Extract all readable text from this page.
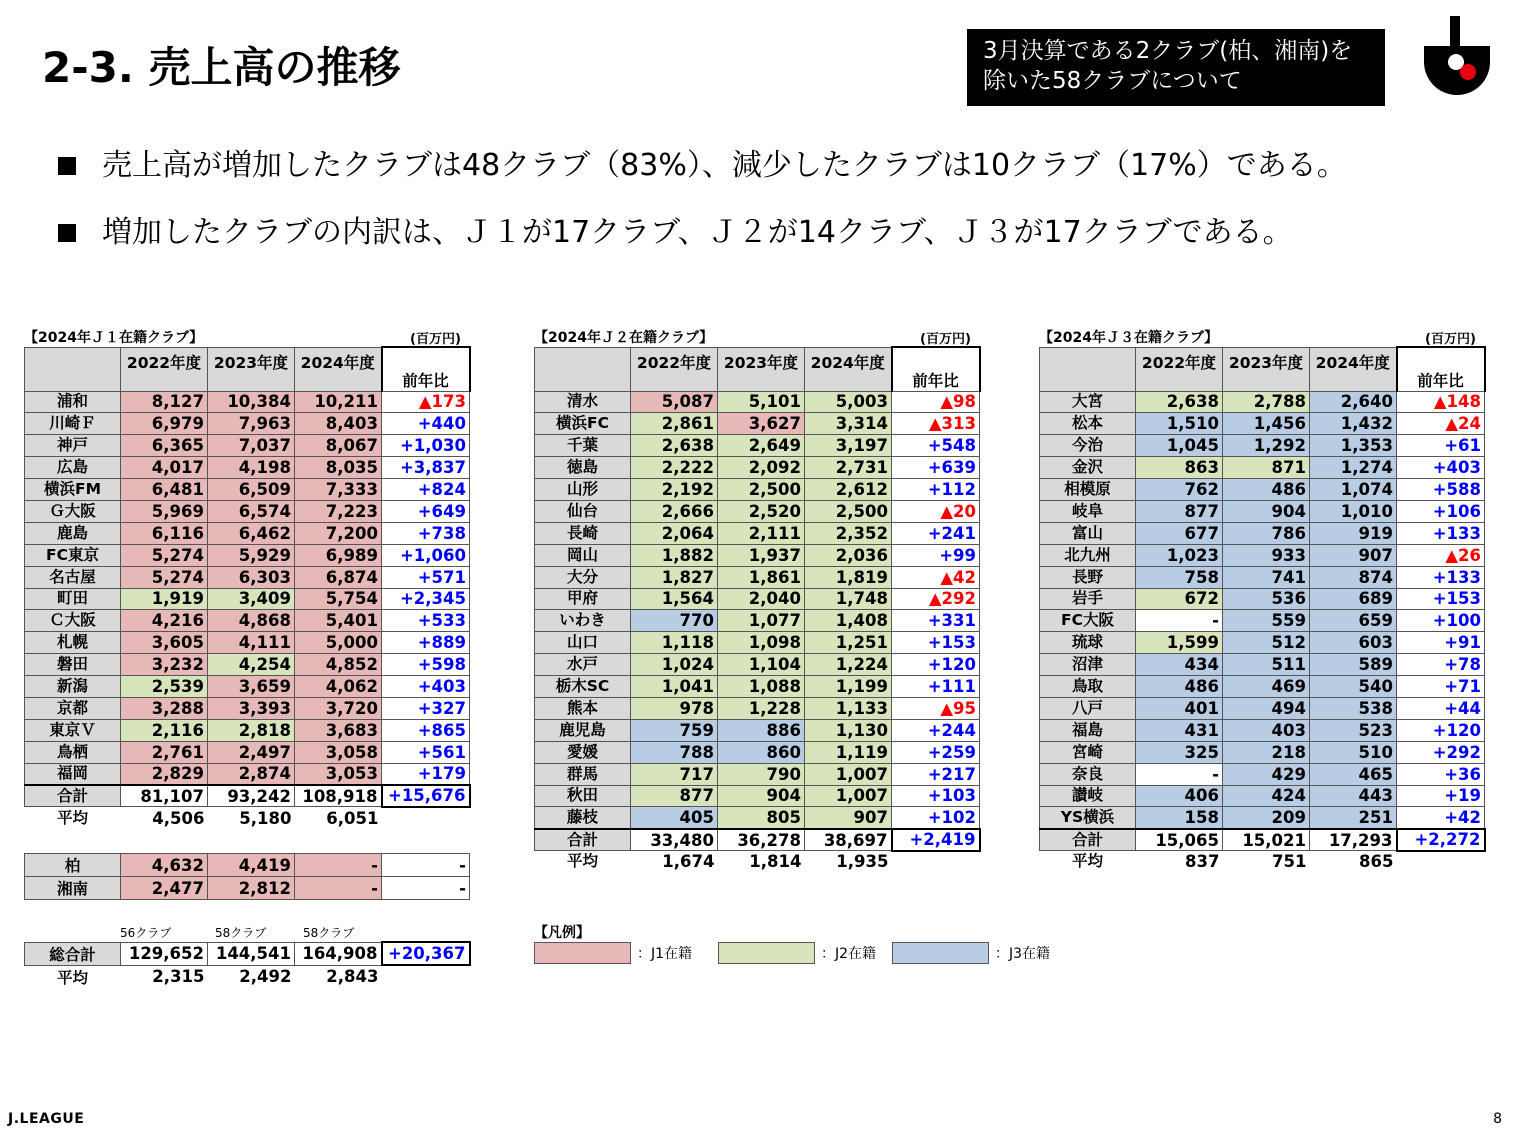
2-3. 売上高の推移	3月決算である2クラブ(柏、湘南)を
除いた58クラブについて
売上高が増加したクラブは48クラブ（83%）、減少したクラブは10クラブ（17%）である。
増加したクラブの内訳は、Ｊ１が17クラブ、Ｊ２が14クラブ、Ｊ３が17クラブである。
【2024年Ｊ１在籍クラブ】	(百万円)
	2022年度	2023年度	2024年度	前年比
浦和	8,127	10,384	10,211	▲173
川崎Ｆ	6,979	7,963	8,403	+440
神戸	6,365	7,037	8,067	+1,030
広島	4,017	4,198	8,035	+3,837
横浜FM	6,481	6,509	7,333	+824
Ｇ大阪	5,969	6,574	7,223	+649
鹿島	6,116	6,462	7,200	+738
FC東京	5,274	5,929	6,989	+1,060
名古屋	5,274	6,303	6,874	+571
町田	1,919	3,409	5,754	+2,345
Ｃ大阪	4,216	4,868	5,401	+533
札幌	3,605	4,111	5,000	+889
磐田	3,232	4,254	4,852	+598
新潟	2,539	3,659	4,062	+403
京都	3,288	3,393	3,720	+327
東京Ｖ	2,116	2,818	3,683	+865
鳥栖	2,761	2,497	3,058	+561
福岡	2,829	2,874	3,053	+179
合計	81,107	93,242	108,918	+15,676
平均	4,506	5,180	6,051	
【2024年Ｊ２在籍クラブ】	(百万円)
	2022年度	2023年度	2024年度	前年比
清水	5,087	5,101	5,003	▲98
横浜FC	2,861	3,627	3,314	▲313
千葉	2,638	2,649	3,197	+548
徳島	2,222	2,092	2,731	+639
山形	2,192	2,500	2,612	+112
仙台	2,666	2,520	2,500	▲20
長崎	2,064	2,111	2,352	+241
岡山	1,882	1,937	2,036	+99
大分	1,827	1,861	1,819	▲42
甲府	1,564	2,040	1,748	▲292
いわき	770	1,077	1,408	+331
山口	1,118	1,098	1,251	+153
水戸	1,024	1,104	1,224	+120
栃木SC	1,041	1,088	1,199	+111
熊本	978	1,228	1,133	▲95
鹿児島	759	886	1,130	+244
愛媛	788	860	1,119	+259
群馬	717	790	1,007	+217
秋田	877	904	1,007	+103
藤枝	405	805	907	+102
合計	33,480	36,278	38,697	+2,419
平均	1,674	1,814	1,935	
【2024年Ｊ３在籍クラブ】	(百万円)
	2022年度	2023年度	2024年度	前年比
大宮	2,638	2,788	2,640	▲148
松本	1,510	1,456	1,432	▲24
今治	1,045	1,292	1,353	+61
金沢	863	871	1,274	+403
相模原	762	486	1,074	+588
岐阜	877	904	1,010	+106
富山	677	786	919	+133
北九州	1,023	933	907	▲26
長野	758	741	874	+133
岩手	672	536	689	+153
FC大阪	-	559	659	+100
琉球	1,599	512	603	+91
沼津	434	511	589	+78
鳥取	486	469	540	+71
八戸	401	494	538	+44
福島	431	403	523	+120
宮崎	325	218	510	+292
奈良	-	429	465	+36
讃岐	406	424	443	+19
YS横浜	158	209	251	+42
合計	15,065	15,021	17,293	+2,272
平均	837	751	865	
柏	4,632	4,419	-	-
湘南	2,477	2,812	-	-
56クラブ	58クラブ	58クラブ
総合計	129,652	144,541	164,908	+20,367
平均	2,315	2,492	2,843	
【凡例】
：J1在籍	：J2在籍	：J3在籍
J.LEAGUE	8
